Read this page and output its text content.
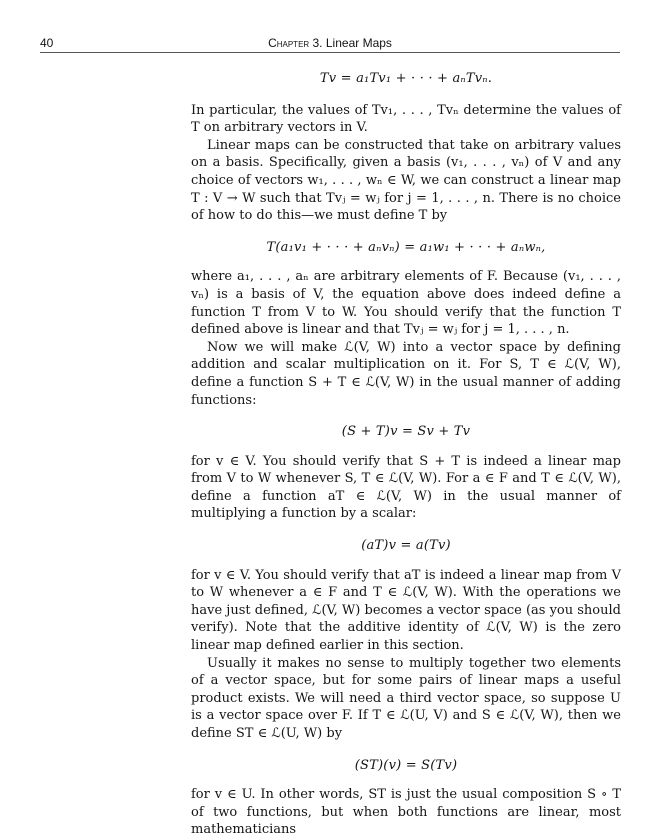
40	Chapter 3. Linear Maps
Tv = a₁Tv₁ + · · · + aₙTvₙ.

In particular, the values of Tv₁, . . . , Tvₙ determine the values of T on arbitrary vectors in V.

Linear maps can be constructed that take on arbitrary values on a basis. Specifically, given a basis (v₁, . . . , vₙ) of V and any choice of vectors w₁, . . . , wₙ ∈ W, we can construct a linear map T : V → W such that Tvⱼ = wⱼ for j = 1, . . . , n. There is no choice of how to do this—we must define T by

T(a₁v₁ + · · · + aₙvₙ) = a₁w₁ + · · · + aₙwₙ,

where a₁, . . . , aₙ are arbitrary elements of F. Because (v₁, . . . , vₙ) is a basis of V, the equation above does indeed define a function T from V to W. You should verify that the function T defined above is linear and that Tvⱼ = wⱼ for j = 1, . . . , n.

Now we will make ℒ(V, W) into a vector space by defining addition and scalar multiplication on it. For S, T ∈ ℒ(V, W), define a function S + T ∈ ℒ(V, W) in the usual manner of adding functions:

(S + T)v = Sv + Tv

for v ∈ V. You should verify that S + T is indeed a linear map from V to W whenever S, T ∈ ℒ(V, W). For a ∈ F and T ∈ ℒ(V, W), define a function aT ∈ ℒ(V, W) in the usual manner of multiplying a function by a scalar:

(aT)v = a(Tv)

for v ∈ V. You should verify that aT is indeed a linear map from V to W whenever a ∈ F and T ∈ ℒ(V, W). With the operations we have just defined, ℒ(V, W) becomes a vector space (as you should verify). Note that the additive identity of ℒ(V, W) is the zero linear map defined earlier in this section.

Usually it makes no sense to multiply together two elements of a vector space, but for some pairs of linear maps a useful product exists. We will need a third vector space, so suppose U is a vector space over F. If T ∈ ℒ(U, V) and S ∈ ℒ(V, W), then we define ST ∈ ℒ(U, W) by

(ST)(v) = S(Tv)

for v ∈ U. In other words, ST is just the usual composition S ∘ T of two functions, but when both functions are linear, most mathematicians
